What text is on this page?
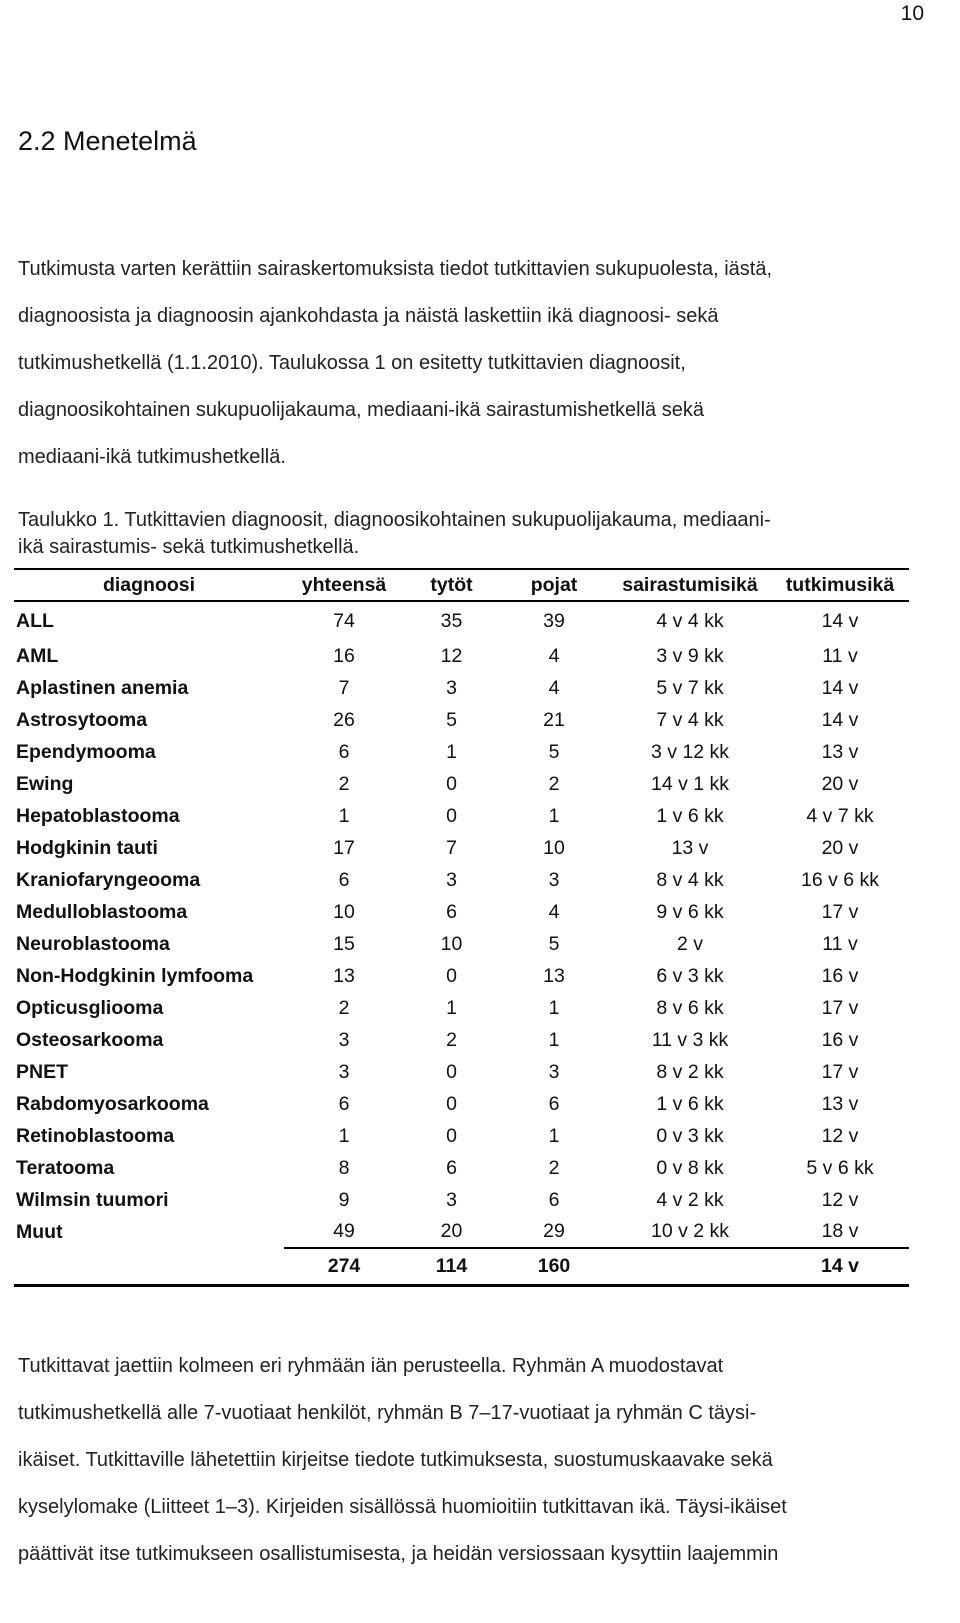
10
2.2 Menetelmä

Tutkimusta varten kerättiin sairaskertomuksista tiedot tutkittavien sukupuolesta, iästä,

diagnoosista ja diagnoosin ajankohdasta ja näistä laskettiin ikä diagnoosi- sekä

tutkimushetkellä (1.1.2010). Taulukossa 1 on esitetty tutkittavien diagnoosit,

diagnoosikohtainen sukupuolijakauma, mediaani-ikä sairastumishetkellä sekä

mediaani-ikä tutkimushetkellä.

Taulukko 1. Tutkittavien diagnoosit, diagnoosikohtainen sukupuolijakauma, mediaani-
ikä sairastumis- sekä tutkimushetkellä.
diagnoosi	yhteensä	tytöt	pojat	sairastumisikä	tutkimusikä
ALL	74	35	39	4 v 4 kk	14 v
AML	16	12	4	3 v 9 kk	11 v
Aplastinen anemia	7	3	4	5 v 7 kk	14 v
Astrosytooma	26	5	21	7 v 4 kk	14 v
Ependymooma	6	1	5	3 v 12 kk	13 v
Ewing	2	0	2	14 v 1 kk	20 v
Hepatoblastooma	1	0	1	1 v 6 kk	4 v 7 kk
Hodgkinin tauti	17	7	10	13 v	20 v
Kraniofaryngeooma	6	3	3	8 v 4 kk	16 v 6 kk
Medulloblastooma	10	6	4	9 v 6 kk	17 v
Neuroblastooma	15	10	5	2 v	11 v
Non-Hodgkinin lymfooma	13	0	13	6 v 3 kk	16 v
Opticusgliooma	2	1	1	8 v 6 kk	17 v
Osteosarkooma	3	2	1	11 v 3 kk	16 v
PNET	3	0	3	8 v 2 kk	17 v
Rabdomyosarkooma	6	0	6	1 v 6 kk	13 v
Retinoblastooma	1	0	1	0 v 3 kk	12 v
Teratooma	8	6	2	0 v 8 kk	5 v 6 kk
Wilmsin tuumori	9	3	6	4 v 2 kk	12 v
Muut	49	20	29	10 v 2 kk	18 v
	274	114	160		14 v

Tutkittavat jaettiin kolmeen eri ryhmään iän perusteella. Ryhmän A muodostavat

tutkimushetkellä alle 7-vuotiaat henkilöt, ryhmän B 7–17-vuotiaat ja ryhmän C täysi-

ikäiset. Tutkittaville lähetettiin kirjeitse tiedote tutkimuksesta, suostumuskaavake sekä

kyselylomake (Liitteet 1–3). Kirjeiden sisällössä huomioitiin tutkittavan ikä. Täysi-ikäiset

päättivät itse tutkimukseen osallistumisesta, ja heidän versiossaan kysyttiin laajemmin
